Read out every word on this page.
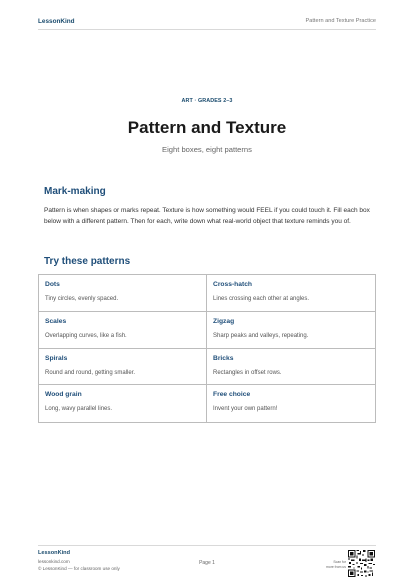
LessonKind	Pattern and Texture Practice
ART · GRADES 2–3
Pattern and Texture
Eight boxes, eight patterns
Mark-making

Pattern is when shapes or marks repeat. Texture is how something would FEEL if you could touch it. Fill each box below with a different pattern. Then for each, write down what real-world object that texture reminds you of.

Try these patterns
Dots
Tiny circles, evenly spaced.
Cross-hatch
Lines crossing each other at angles.
Scales
Overlapping curves, like a fish.
Zigzag
Sharp peaks and valleys, repeating.
Spirals
Round and round, getting smaller.
Bricks
Rectangles in offset rows.
Wood grain
Long, wavy parallel lines.
Free choice
Invent your own pattern!
LessonKind
lessonkind.com
© LessonKind — for classroom use only
Page 1	Scan for
more from us
